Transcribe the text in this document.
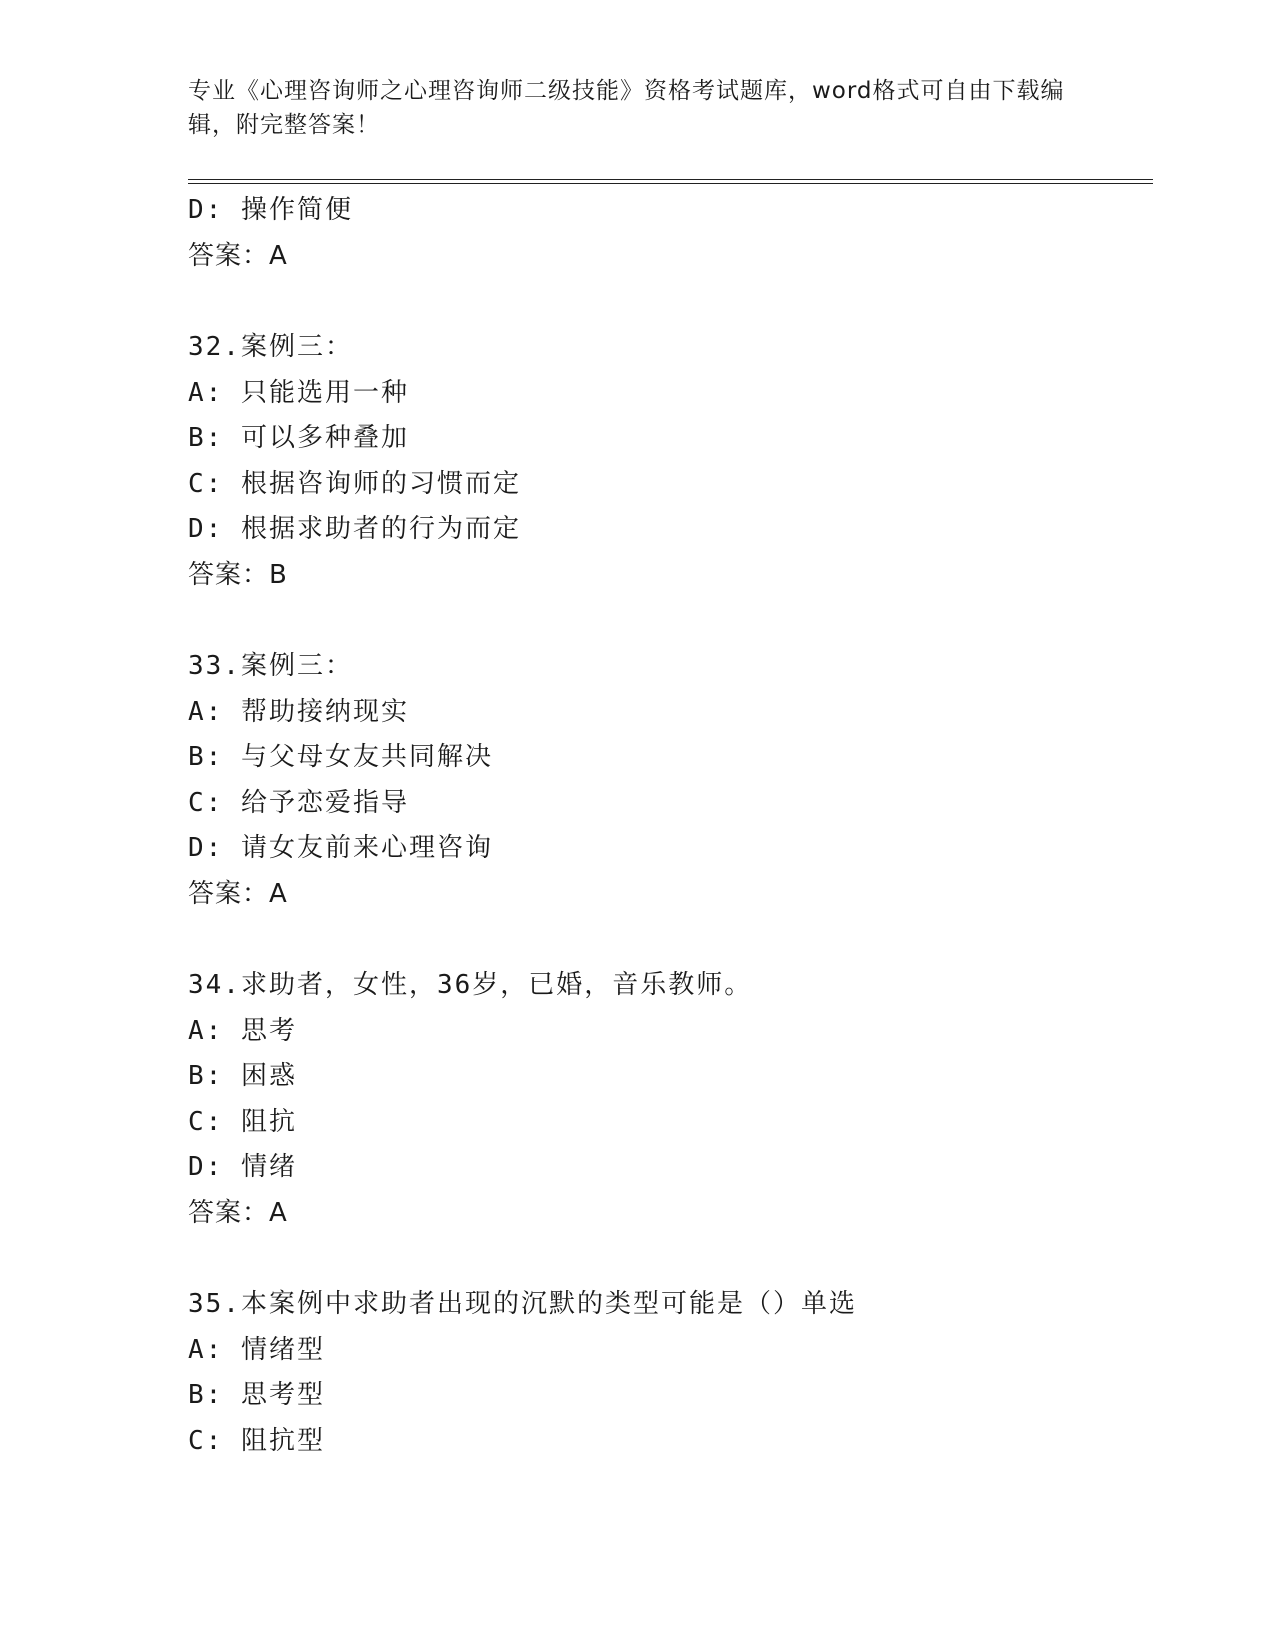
专业《心理咨询师之心理咨询师二级技能》资格考试题库，word格式可自由下载编辑，附完整答案！
D: 操作简便
答案：A
32.案例三：
A: 只能选用一种
B: 可以多种叠加
C: 根据咨询师的习惯而定
D: 根据求助者的行为而定
答案：B
33.案例三：
A: 帮助接纳现实
B: 与父母女友共同解决
C: 给予恋爱指导
D: 请女友前来心理咨询
答案：A
34.求助者，女性，36岁，已婚，音乐教师。
A: 思考
B: 困惑
C: 阻抗
D: 情绪
答案：A
35.本案例中求助者出现的沉默的类型可能是（）单选
A: 情绪型
B: 思考型
C: 阻抗型
